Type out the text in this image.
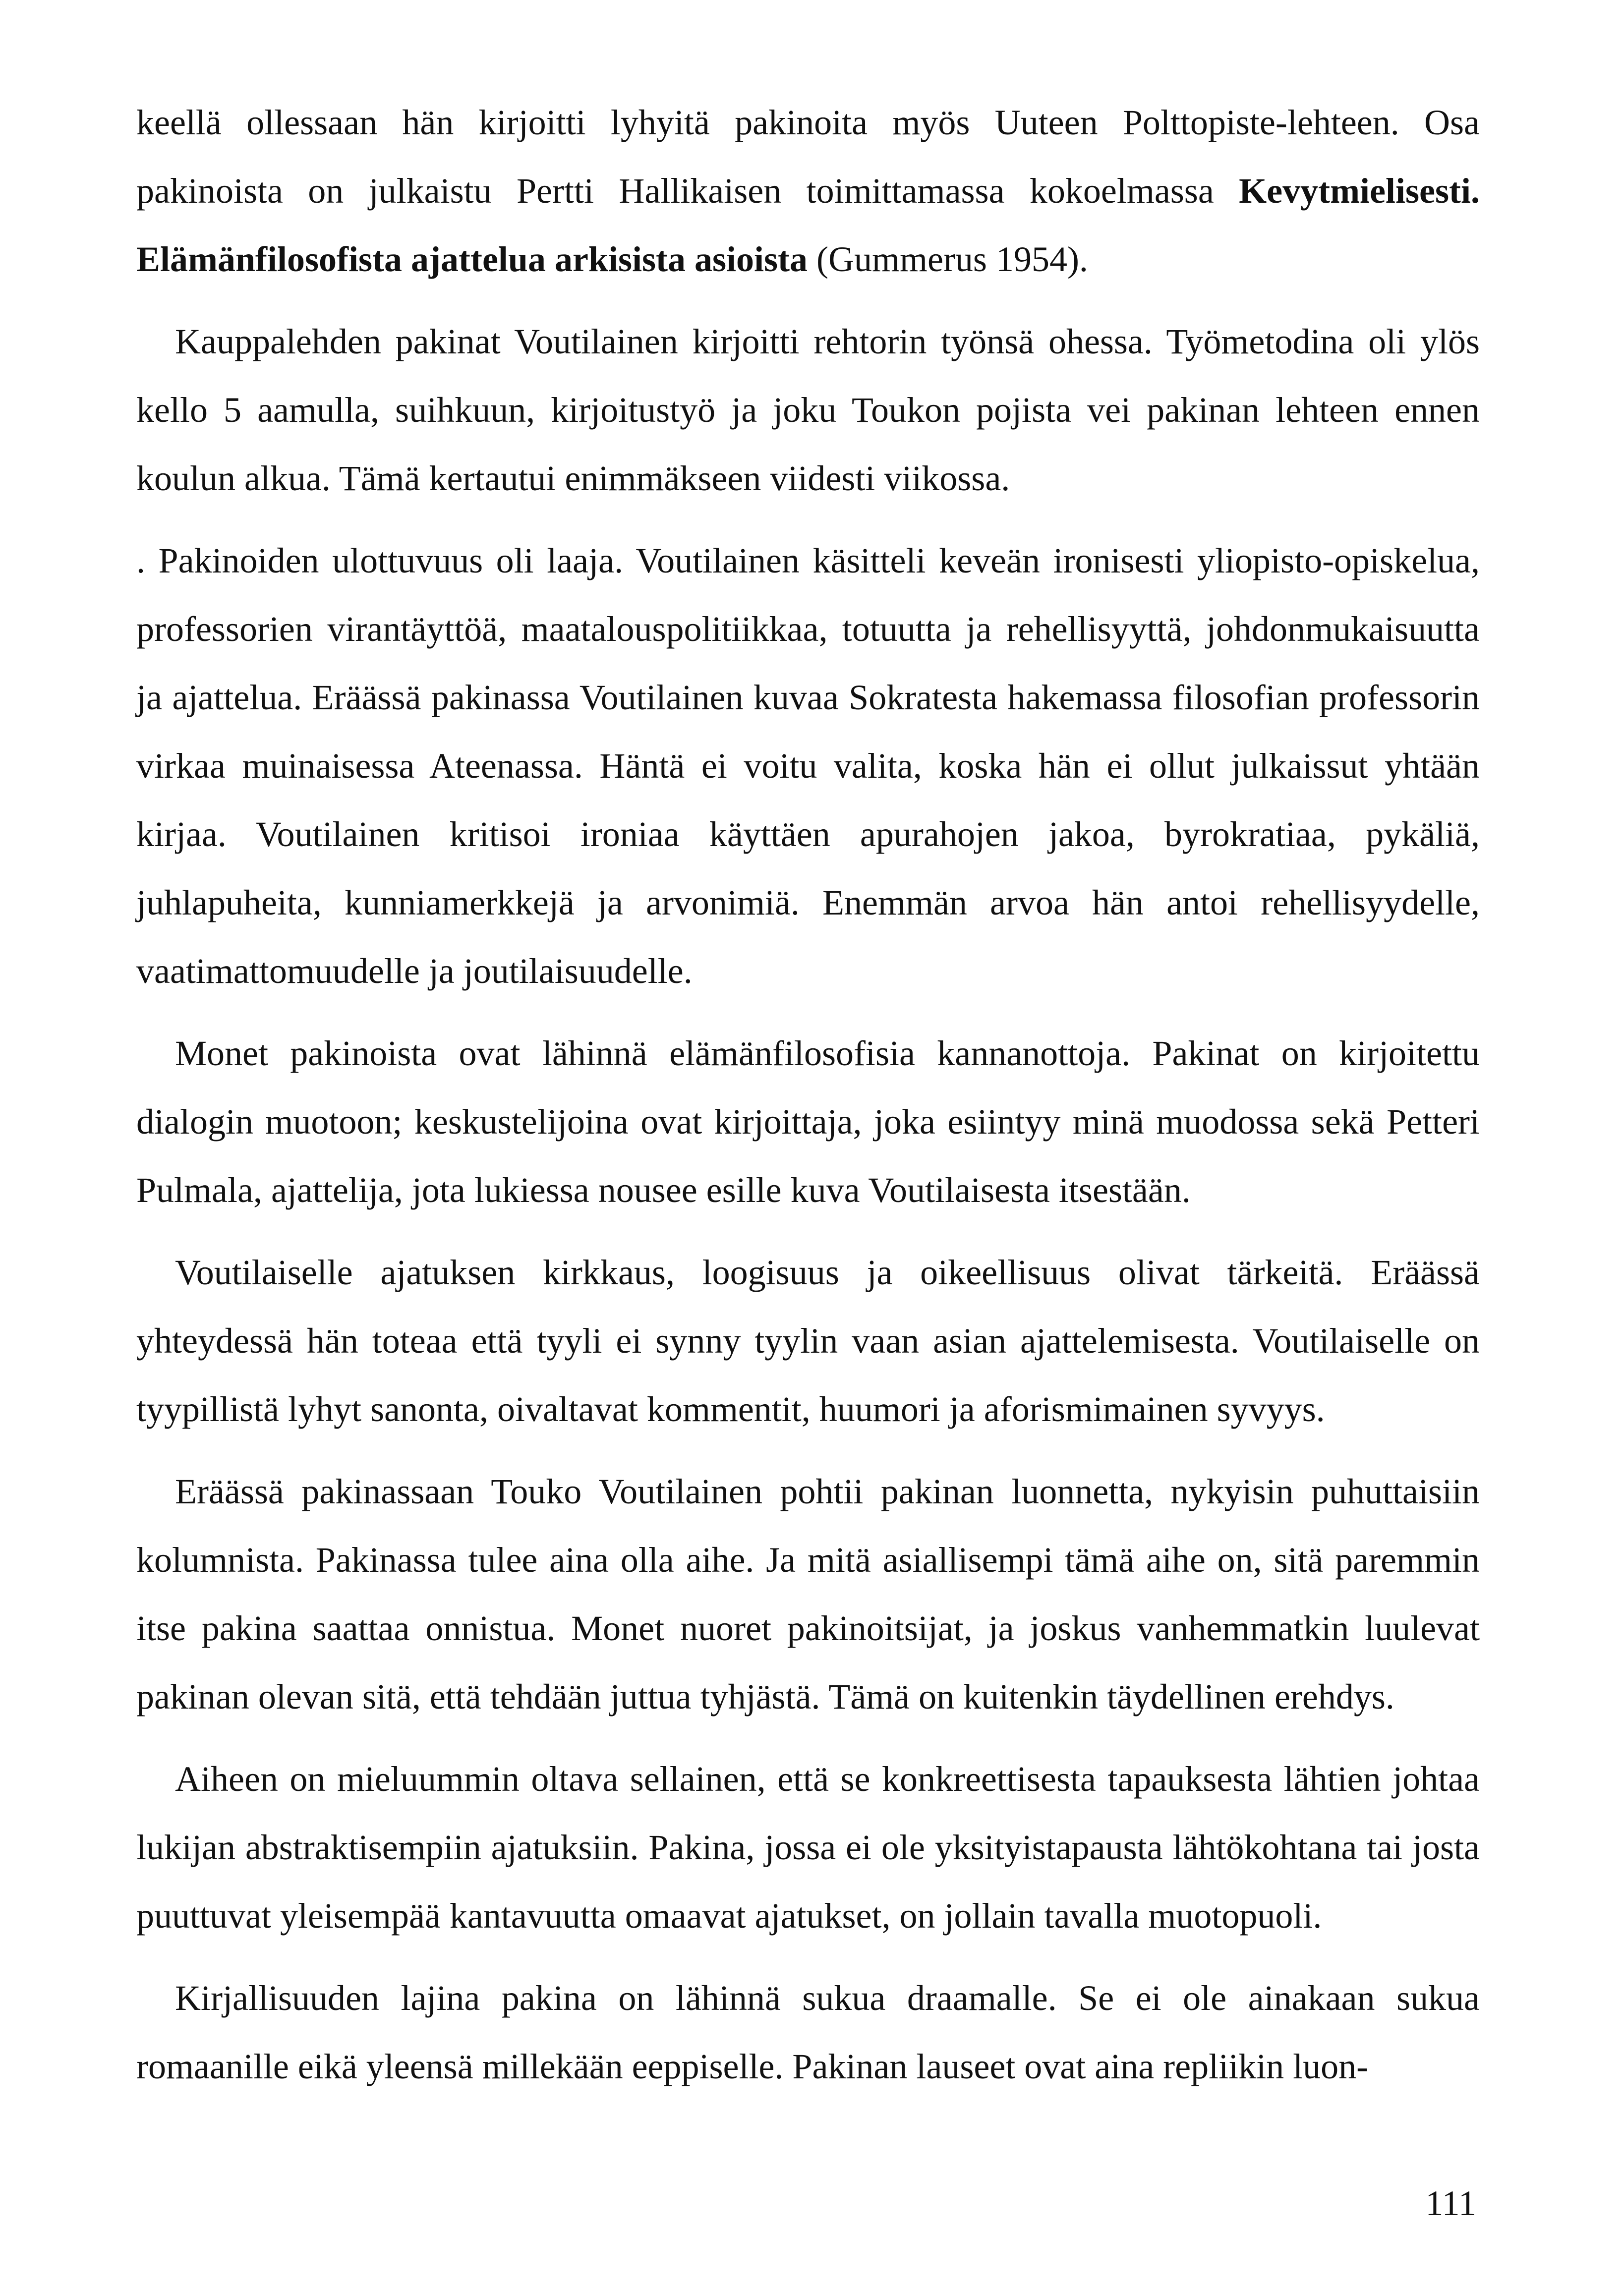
keellä ollessaan hän kirjoitti lyhyitä pakinoita myös Uuteen Polttopiste-lehteen. Osa pakinoista on julkaistu Pertti Hallikaisen toimittamassa kokoelmassa Kevytmielisesti. Elämänfilosofista ajattelua arkisista asioista (Gummerus 1954).

Kauppalehden pakinat Voutilainen kirjoitti rehtorin työnsä ohessa. Työmetodina oli ylös kello 5 aamulla, suihkuun, kirjoitustyö ja joku Toukon pojista vei pakinan lehteen ennen koulun alkua. Tämä kertautui enimmäkseen viidesti viikossa.

. Pakinoiden ulottuvuus oli laaja. Voutilainen käsitteli keveän ironisesti yliopisto-opiskelua, professorien virantäyttöä, maatalouspolitiikkaa, totuutta ja rehellisyyttä, johdonmukaisuutta ja ajattelua. Eräässä pakinassa Voutilainen kuvaa Sokratesta hakemassa filosofian professorin virkaa muinaisessa Ateenassa. Häntä ei voitu valita, koska hän ei ollut julkaissut yhtään kirjaa. Voutilainen kritisoi ironiaa käyttäen apurahojen jakoa, byrokratiaa, pykäliä, juhlapuheita, kunniamerkkejä ja arvonimiä. Enemmän arvoa hän antoi rehellisyydelle, vaatimattomuudelle ja joutilaisuudelle.

Monet pakinoista ovat lähinnä elämänfilosofisia kannanottoja. Pakinat on kirjoitettu dialogin muotoon; keskustelijoina ovat kirjoittaja, joka esiintyy minä muodossa sekä Petteri Pulmala, ajattelija, jota lukiessa nousee esille kuva Voutilaisesta itsestään.

Voutilaiselle ajatuksen kirkkaus, loogisuus ja oikeellisuus olivat tärkeitä. Eräässä yhteydessä hän toteaa että tyyli ei synny tyylin vaan asian ajattelemisesta. Voutilaiselle on tyypillistä lyhyt sanonta, oivaltavat kommentit, huumori ja aforismimainen syvyys.

Eräässä pakinassaan Touko Voutilainen pohtii pakinan luonnetta, nykyisin puhuttaisiin kolumnista. Pakinassa tulee aina olla aihe. Ja mitä asiallisempi tämä aihe on, sitä paremmin itse pakina saattaa onnistua. Monet nuoret pakinoitsijat, ja joskus vanhemmatkin luulevat pakinan olevan sitä, että tehdään juttua tyhjästä. Tämä on kuitenkin täydellinen erehdys.

Aiheen on mieluummin oltava sellainen, että se konkreettisesta tapauksesta lähtien johtaa lukijan abstraktisempiin ajatuksiin. Pakina, jossa ei ole yksityistapausta lähtökohtana tai josta puuttuvat yleisempää kantavuutta omaavat ajatukset, on jollain tavalla muotopuoli.

Kirjallisuuden lajina pakina on lähinnä sukua draamalle. Se ei ole ainakaan sukua romaanille eikä yleensä millekään eeppiselle. Pakinan lauseet ovat aina repliikin luon-

111
